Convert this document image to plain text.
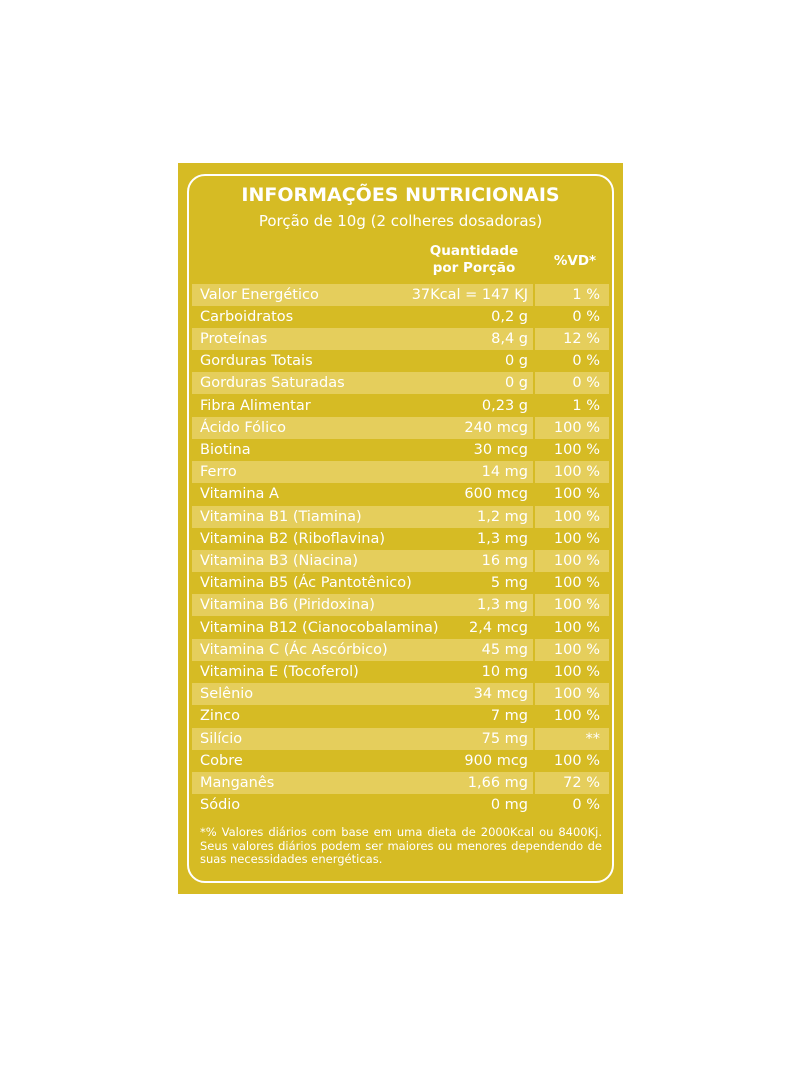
INFORMAÇÕES NUTRICIONAIS
Porção de 10g (2 colheres dosadoras)
Quantidade
por Porção	%VD*
Valor Energético	37Kcal = 147 KJ	1 %
Carboidratos	0,2 g	0 %
Proteínas	8,4 g 12 %
Gorduras Totais	0 g	0 %
Gorduras Saturadas	0 g	0 %
Fibra Alimentar	0,23 g	1 %
Ácido Fólico	240 mcg 100 %
Biotina	30 mcg 100 %
Ferro	14 mg 100 %
Vitamina A	600 mcg 100 %
Vitamina B1 (Tiamina)	1,2 mg 100 %
Vitamina B2 (Riboflavina)	1,3 mg 100 %
Vitamina B3 (Niacina)	16 mg 100 %
Vitamina B5 (Ác Pantotênico)	5 mg 100 %
Vitamina B6 (Piridoxina)	1,3 mg 100 %
Vitamina B12 (Cianocobalamina) 2,4 mcg 100 %
Vitamina C (Ác Ascórbico)	45 mg 100 %
Vitamina E (Tocoferol)	10 mg 100 %
Selênio	34 mcg 100 %
Zinco	7 mg 100 %
Silício	75 mg	**
Cobre	900 mcg 100 %
Manganês	1,66 mg 72 %
Sódio	0 mg	0 %
*% Valores diários com base em uma dieta de 2000Kcal ou 8400Kj. Seus valores diários podem ser maiores ou menores dependendo de suas necessidades energéticas.
